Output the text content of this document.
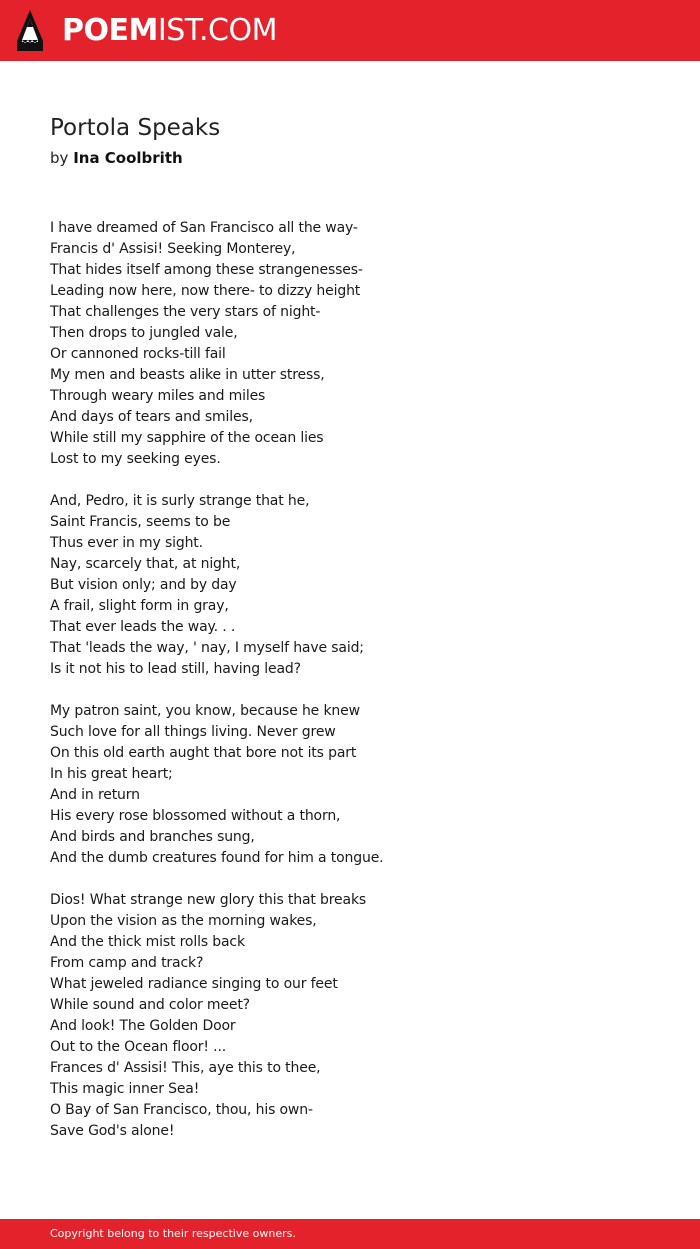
POEMIST.COM
Portola Speaks
by Ina Coolbrith
I have dreamed of San Francisco all the way-
Francis d' Assisi! Seeking Monterey,
That hides itself among these strangenesses-
Leading now here, now there- to dizzy height
That challenges the very stars of night-
Then drops to jungled vale,
Or cannoned rocks-till fail
My men and beasts alike in utter stress,
Through weary miles and miles
And days of tears and smiles,
While still my sapphire of the ocean lies
Lost to my seeking eyes.
And, Pedro, it is surly strange that he,
Saint Francis, seems to be
Thus ever in my sight.
Nay, scarcely that, at night,
But vision only; and by day
A frail, slight form in gray,
That ever leads the way. . .
That 'leads the way, ' nay, I myself have said;
Is it not his to lead still, having lead?
My patron saint, you know, because he knew
Such love for all things living. Never grew
On this old earth aught that bore not its part
In his great heart;
And in return
His every rose blossomed without a thorn,
And birds and branches sung,
And the dumb creatures found for him a tongue.
Dios! What strange new glory this that breaks
Upon the vision as the morning wakes,
And the thick mist rolls back
From camp and track?
What jeweled radiance singing to our feet
While sound and color meet?
And look! The Golden Door
Out to the Ocean floor! ...
Frances d' Assisi! This, aye this to thee,
This magic inner Sea!
O Bay of San Francisco, thou, his own-
Save God's alone!
Copyright belong to their respective owners.
